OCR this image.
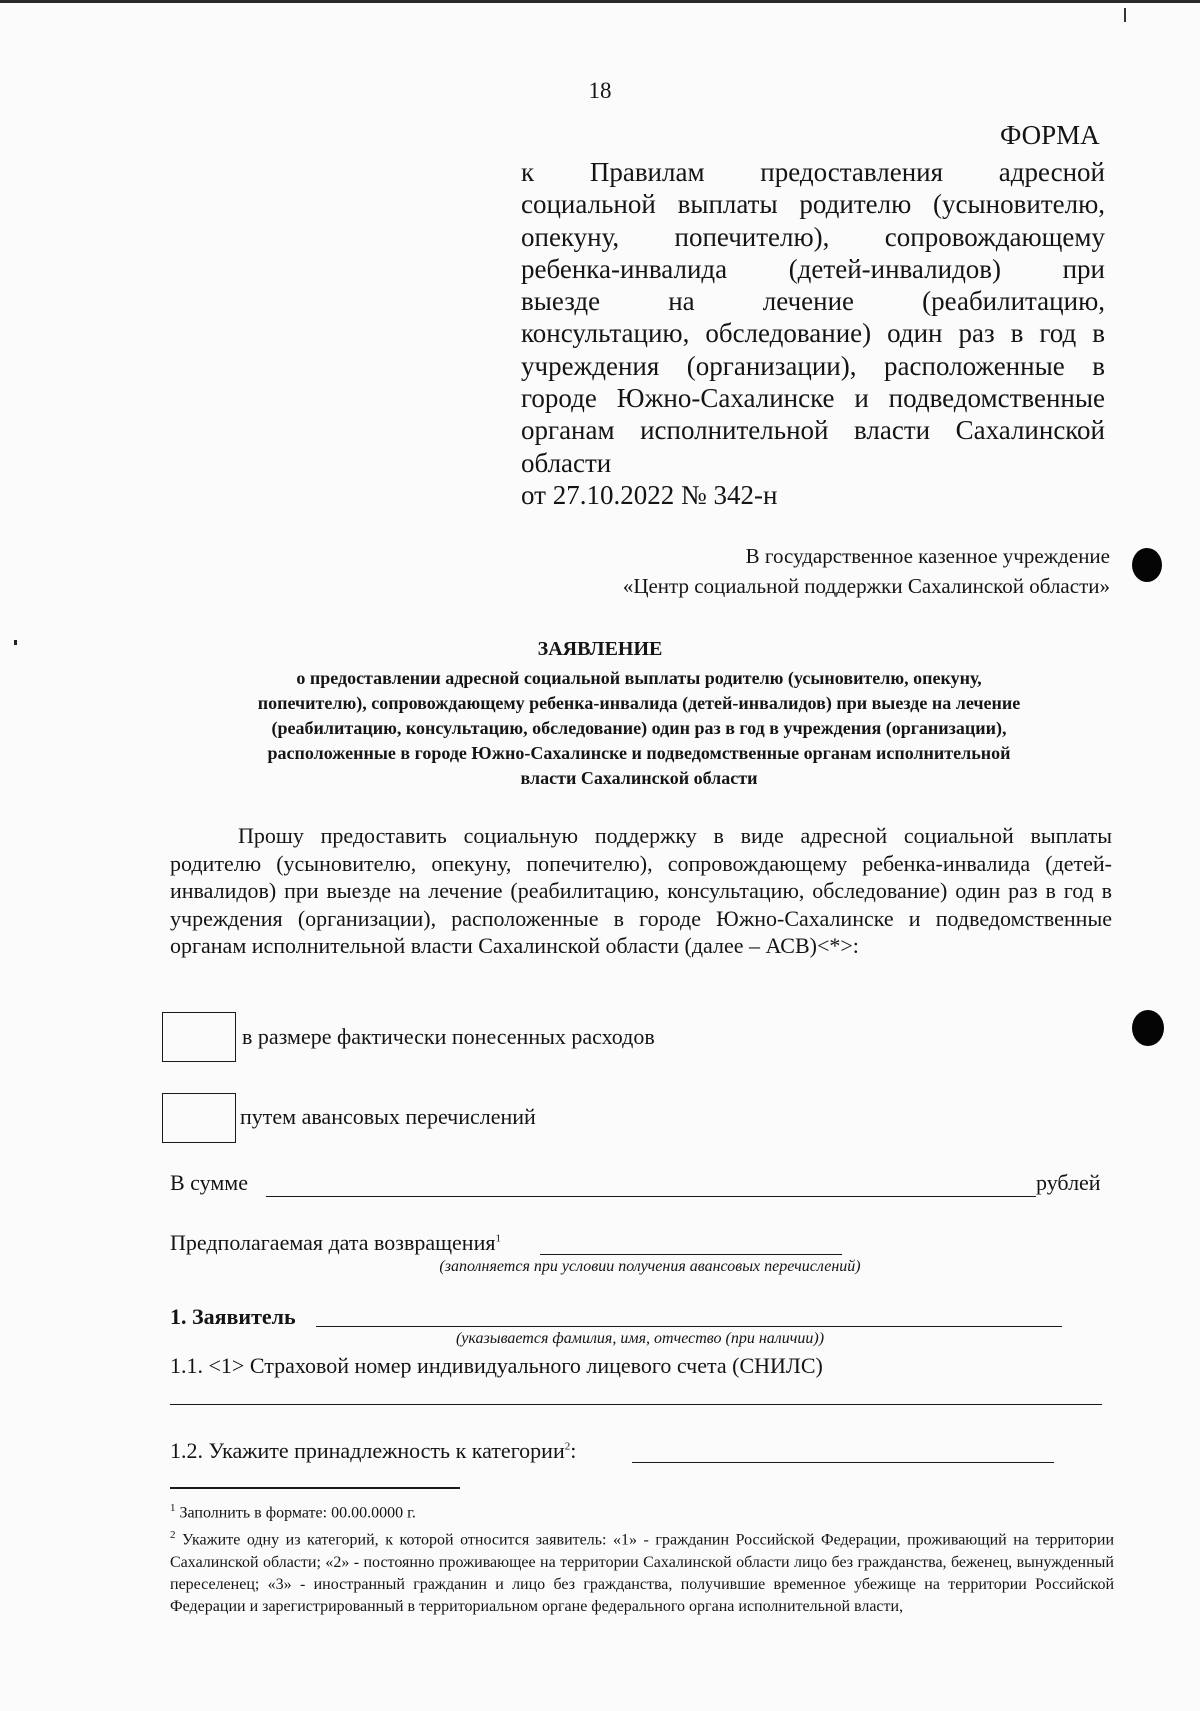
18
ФОРМА
к Правилам предоставления адресной
социальной выплаты родителю (усыновителю,
опекуну, попечителю), сопровождающему
ребенка-инвалида (детей-инвалидов) при
выезде на лечение (реабилитацию,
консультацию, обследование) один раз в год в
учреждения (организации), расположенные в
городе Южно-Сахалинске и подведомственные
органам исполнительной власти Сахалинской
области
от 27.10.2022 № 342-н
В государственное казенное учреждение
«Центр социальной поддержки Сахалинской области»
ЗАЯВЛЕНИЕ
о предоставлении адресной социальной выплаты родителю (усыновителю, опекуну,
попечителю), сопровождающему ребенка-инвалида (детей-инвалидов) при выезде на лечение
(реабилитацию, консультацию, обследование) один раз в год в учреждения (организации),
расположенные в городе Южно-Сахалинске и подведомственные органам исполнительной
власти Сахалинской области
Прошу предоставить социальную поддержку в виде адресной социальной выплаты родителю (усыновителю, опекуну, попечителю), сопровождающему ребенка-инвалида (детей-инвалидов) при выезде на лечение (реабилитацию, консультацию, обследование) один раз в год в учреждения (организации), расположенные в городе Южно-Сахалинске и подведомственные органам исполнительной власти Сахалинской области (далее – АСВ)<*>:
в размере фактически понесенных расходов
путем авансовых перечислений
В сумме	рублей
Предполагаемая дата возвращения$^1$
(заполняется при условии получения авансовых перечислений)
1. Заявитель
(указывается фамилия, имя, отчество (при наличии))
1.1. <1> Страховой номер индивидуального лицевого счета (СНИЛС)
1.2. Укажите принадлежность к категории$^2$:
$^1$ Заполнить в формате: 00.00.0000 г.
$^2$ Укажите одну из категорий, к которой относится заявитель: «1» - гражданин Российской Федерации, проживающий на территории Сахалинской области; «2» - постоянно проживающее на территории Сахалинской области лицо без гражданства, беженец, вынужденный переселенец; «3» - иностранный гражданин и лицо без гражданства, получившие временное убежище на территории Российской Федерации и зарегистрированный в территориальном органе федерального органа исполнительной власти,
